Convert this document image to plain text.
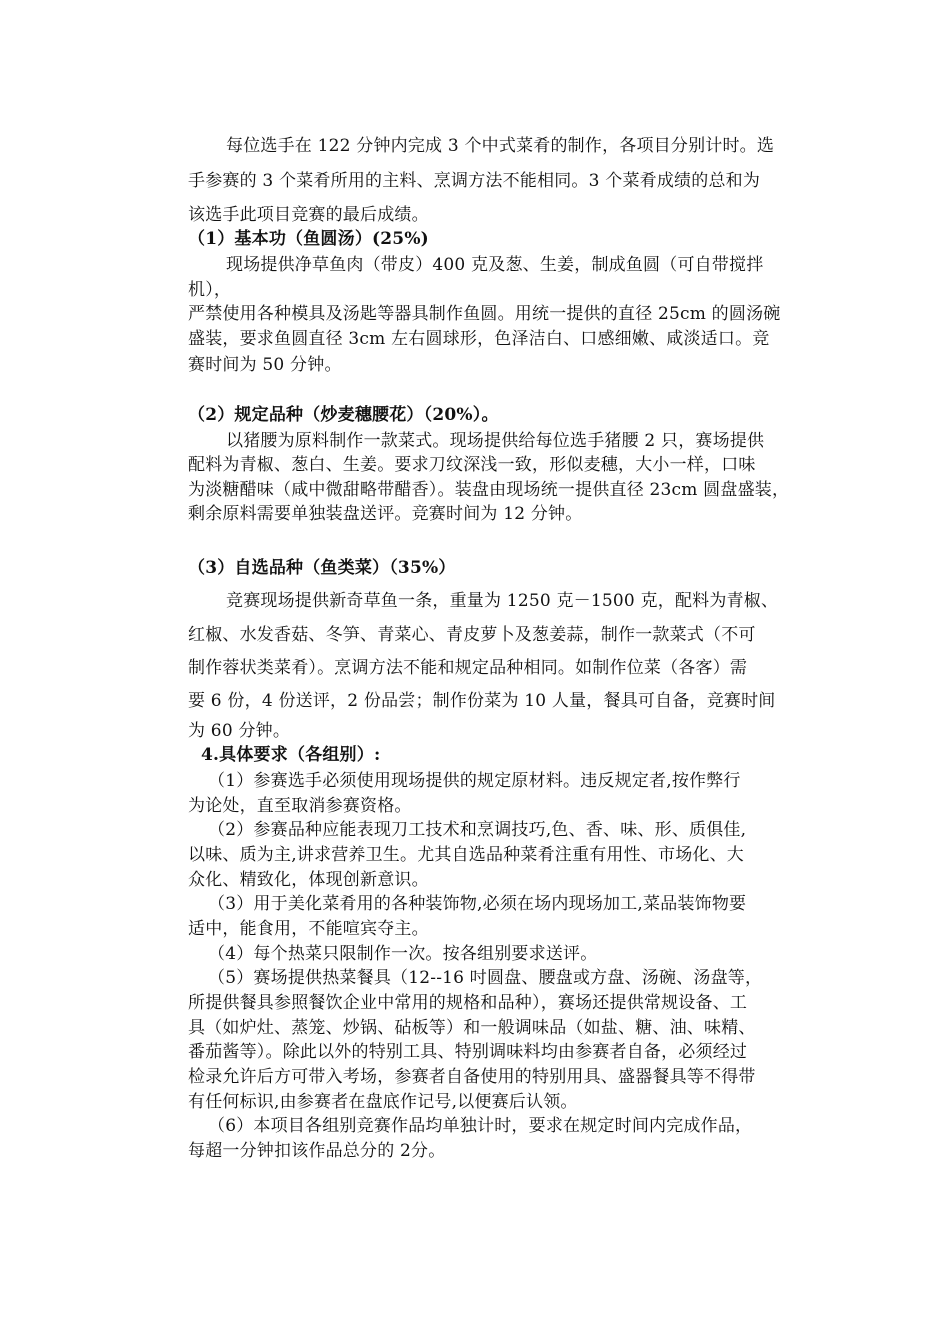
每位选手在 122 分钟内完成 3 个中式菜肴的制作，各项目分别计时。选
手参赛的 3 个菜肴所用的主料、烹调方法不能相同。3 个菜肴成绩的总和为
该选手此项目竞赛的最后成绩。
（1）基本功（鱼圆汤）(25%)
现场提供净草鱼肉（带皮）400 克及葱、生姜，制成鱼圆（可自带搅拌
机），
严禁使用各种模具及汤匙等器具制作鱼圆。用统一提供的直径 25cm 的圆汤碗
盛装，要求鱼圆直径 3cm 左右圆球形，色泽洁白、口感细嫩、咸淡适口。竞
赛时间为 50 分钟。
（2）规定品种（炒麦穗腰花）（20%）。
以猪腰为原料制作一款菜式。现场提供给每位选手猪腰 2 只，赛场提供
配料为青椒、葱白、生姜。要求刀纹深浅一致，形似麦穗，大小一样，口味
为淡糖醋味（咸中微甜略带醋香）。装盘由现场统一提供直径 23cm 圆盘盛装，
剩余原料需要单独装盘送评。竞赛时间为 12 分钟。
（3）自选品种（鱼类菜）（35%）
竞赛现场提供新奇草鱼一条，重量为 1250 克－1500 克，配料为青椒、
红椒、水发香菇、冬笋、青菜心、青皮萝卜及葱姜蒜，制作一款菜式（不可
制作蓉状类菜肴）。烹调方法不能和规定品种相同。如制作位菜（各客）需
要 6 份，4 份送评，2 份品尝；制作份菜为 10 人量，餐具可自备，竞赛时间
为 60 分钟。
4.具体要求（各组别）:
（1）参赛选手必须使用现场提供的规定原材料。违反规定者,按作弊行
为论处，直至取消参赛资格。
（2）参赛品种应能表现刀工技术和烹调技巧,色、香、味、形、质俱佳,
以味、质为主,讲求营养卫生。尤其自选品种菜肴注重有用性、市场化、大
众化、精致化，体现创新意识。
（3）用于美化菜肴用的各种装饰物,必须在场内现场加工,菜品装饰物要
适中，能食用，不能喧宾夺主。
（4）每个热菜只限制作一次。按各组别要求送评。
（5）赛场提供热菜餐具（12--16 吋圆盘、腰盘或方盘、汤碗、汤盘等，
所提供餐具参照餐饮企业中常用的规格和品种），赛场还提供常规设备、工
具（如炉灶、蒸笼、炒锅、砧板等）和一般调味品（如盐、糖、油、味精、
番茄酱等）。除此以外的特别工具、特别调味料均由参赛者自备，必须经过
检录允许后方可带入考场，参赛者自备使用的特别用具、盛器餐具等不得带
有任何标识,由参赛者在盘底作记号,以便赛后认领。
（6）本项目各组别竞赛作品均单独计时，要求在规定时间内完成作品，
每超一分钟扣该作品总分的 2分。
